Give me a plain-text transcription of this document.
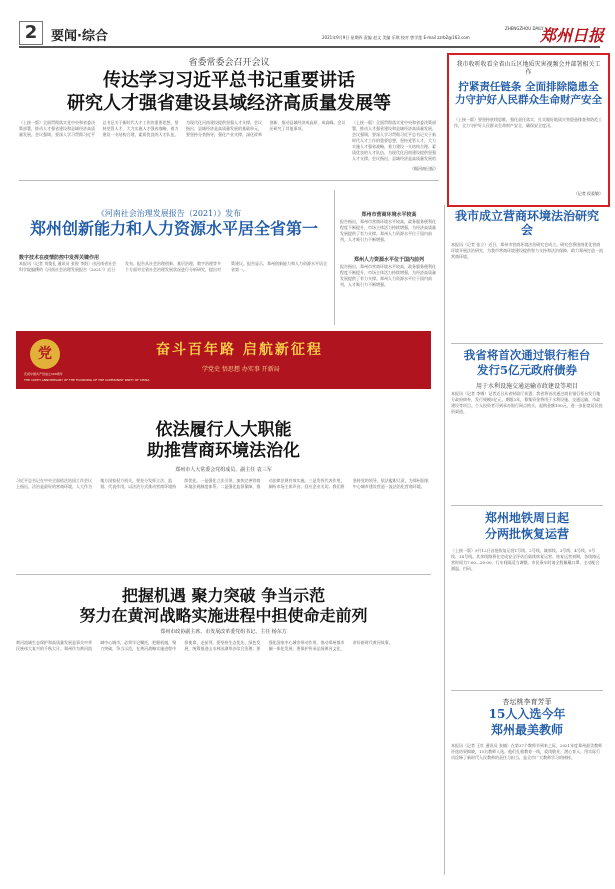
2	要闻·综合	2021年9月9日 星期四 责编 赵文 美编 乐琪 校对 曾学莲 E-mail zzrb2@163.com
ZHENGZHOU DAILY
郑州日报
省委常委会召开会议
传达学习习近平总书记重要讲话
研究人才强省建设县域经济高质量发展等
（上接一版）全面贯彻落实党中央和省委决策部署，推动人才强省建设和县域经济高质量发展。会议强调，要深入学习贯彻习近平总书记关于新时代人才工作的重要思想，坚持党管人才，大力实施人才强省战略，着力建设一支结构合理、素质优良的人才队伍，为现代化河南建设提供坚强人才支撑。会议指出，县域经济是高质量发展的基础单元，要坚持分类指导，强化产业支撑，深化改革创新，推动县域经济成高原、成高峰。会议还研究了其他事项。
（上接一版）全面贯彻落实党中央和省委决策部署，推动人才强省建设和县域经济高质量发展。会议强调，要深入学习贯彻习近平总书记关于新时代人才工作的重要思想，坚持党管人才，大力实施人才强省战略，着力建设一支结构合理、素质优良的人才队伍，为现代化河南建设提供坚强人才支撑。会议指出，县域经济是高质量发展的
（据河南日报）
我市收听收看全省山丘区地质灾害视频会并部署相关工作
拧紧责任链条 全面排除隐患全力守护好人民群众生命财产安全
（上接一版）要坚持底线思维，强化责任落实，扎实做好地质灾害隐患排查和防范工作，全力守护好人民群众生命财产安全，确保安全度汛。
（记者 侯爱敏）
《河南社会治理发展报告（2021）》发布
郑州创新能力和人力资源水平居全省第一
数字技术在疫情防控中发挥关键作用
本报讯（记者 刘俊礼 通讯员 张锐 李阳）由河南省社会科学院编撰的《河南社会治理发展报告（2021）》近日发布。报告从社会治理创新、基层治理、数字治理等多个方面对全省社会治理发展状况进行分析研究，提出对策建议。报告显示，郑州创新能力和人力资源水平居全省第一。
郑州市营商环境水平较高
报告指出，郑州市营商环境水平较高，政务服务便利化程度不断提升，市场主体活力持续增强，为经济高质量发展提供了有力支撑。郑州人力资源水平位于国内前列，人才吸引力不断增强。
郑州人力资源水平位于国内前列
报告指出，郑州市营商环境水平较高，政务服务便利化程度不断提升，市场主体活力持续增强，为经济高质量发展提供了有力支撑。郑州人力资源水平位于国内前列，人才吸引力不断增强。
我市成立营商环境法治研究会
本报讯（记者 张立）近日，郑州市营商环境法治研究会成立。研究会将围绕优化营商环境开展法治研究，为我市营商环境建设提供智力支持和法治保障，助力郑州打造一流营商环境。
我省将首次通过银行柜台
发行5亿元政府债券
用于水利设施交通运输市政建设等项目
本报讯（记者 李娜）记者近日从省财政厅获悉，我省将首次通过商业银行柜台发行地方政府债券，发行规模5亿元，期限3年，募集资金将用于水利设施、交通运输、市政建设等项目。个人投资者可到承办银行网点购买，起购金额100元，进一步拓宽居民投资渠道。
郑州地铁周日起
分两批恢复运营
（上接一版）9月12日首批恢复运营1号线、2号线、城郊线、3号线、4号线、5号线、14号线。其余线路将在完成安全评估后陆续恢复运营。恢复运营初期，各线路运营时间为7:00—20:00，行车间隔适当调整。市民乘车时请全程佩戴口罩，主动配合测温、扫码。
杏坛桃李育芳菲
15人入选今年
郑州最美教师
本报讯（记者 王红 通讯员 张楠）在第37个教师节到来之际，2021年度郑州最美教师评选结果揭晓，15名教师入选。他们扎根教育一线，爱岗敬业、潜心育人，用实际行动诠释了新时代人民教师的责任与担当，是全市广大教师学习的榜样。
党
庆祝中国共产党成立100周年
THE 100TH ANNIVERSARY OF THE FOUNDING OF THE COMMUNIST PARTY OF CHINA
奋斗百年路 启航新征程
学党史 悟思想 办实事 开新局
依法履行人大职能
助推营商环境法治化
郑州市人大常委会党组成员、副主任 袁三军
习近平总书记在中央全面依法治国工作会议上指出，法治是最好的营商环境。人大作为地方国家权力机关，要充分发挥立法、监督、代表作用，以法治方式推动营商环境持续优化。一是强化立法引领，加快完善营商环境法规制度体系。二是强化监督保障，推动法律法规有效实施。三是发挥代表作用，倾听市场主体声音，回应企业关切。我们将坚持党的领导，依法履职尽责，为郑州国家中心城市建设营造一流法治化营商环境。
把握机遇 聚力突破 争当示范
努力在黄河战略实施进程中担使命走前列
郑州市政协副主席、市发展改革委党组书记、主任 杨东方
黄河流域生态保护和高质量发展是事关中华民族伟大复兴的千秋大计。郑州作为黄河流域中心城市，必须牢记嘱托，把握机遇，聚力突破，争当示范，在黄河战略实施进程中担使命、走前列。要坚持生态优先、绿色发展，统筹推进山水林田湖草沙综合治理；要强化国家中心城市带动作用，推动郑州都市圈一体化发展；要保护传承弘扬黄河文化，讲好新时代黄河故事。
